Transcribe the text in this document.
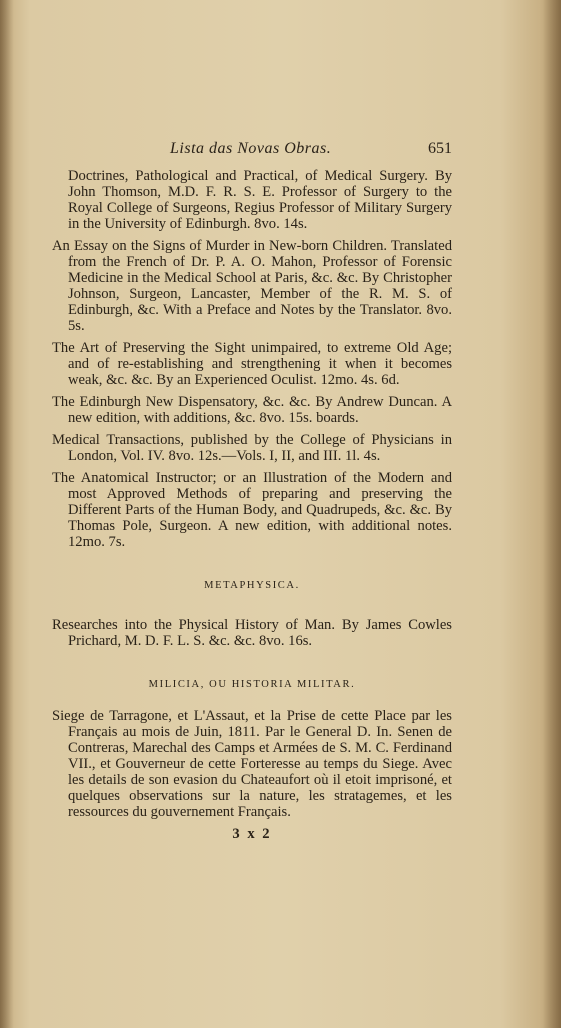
Lista das Novas Obras.	651

Doctrines, Pathological and Practical, of Medical Surgery. By John Thomson, M.D. F. R. S. E. Professor of Surgery to the Royal College of Surgeons, Regius Professor of Military Surgery in the University of Edinburgh. 8vo. 14s.

An Essay on the Signs of Murder in New-born Children. Translated from the French of Dr. P. A. O. Mahon, Professor of Forensic Medicine in the Medical School at Paris, &c. &c. By Christopher Johnson, Surgeon, Lancaster, Member of the R. M. S. of Edinburgh, &c. With a Preface and Notes by the Translator. 8vo. 5s.

The Art of Preserving the Sight unimpaired, to extreme Old Age; and of re-establishing and strengthening it when it becomes weak, &c. &c. By an Experienced Oculist. 12mo. 4s. 6d.

The Edinburgh New Dispensatory, &c. &c. By Andrew Duncan. A new edition, with additions, &c. 8vo. 15s. boards.

Medical Transactions, published by the College of Physicians in London, Vol. IV. 8vo. 12s.—Vols. I, II, and III. 1l. 4s.

The Anatomical Instructor; or an Illustration of the Modern and most Approved Methods of preparing and preserving the Different Parts of the Human Body, and Quadrupeds, &c. &c. By Thomas Pole, Surgeon. A new edition, with additional notes. 12mo. 7s.

METAPHYSICA.

Researches into the Physical History of Man. By James Cowles Prichard, M. D. F. L. S. &c. &c. 8vo. 16s.

MILICIA, OU HISTORIA MILITAR.

Siege de Tarragone, et L'Assaut, et la Prise de cette Place par les Français au mois de Juin, 1811. Par le General D. In. Senen de Contreras, Marechal des Camps et Armées de S. M. C. Ferdinand VII., et Gouverneur de cette Forteresse au temps du Siege. Avec les details de son evasion du Chateaufort où il etoit imprisoné, et quelques observations sur la nature, les stratagemes, et les ressources du gouvernement Français.

3 x 2
